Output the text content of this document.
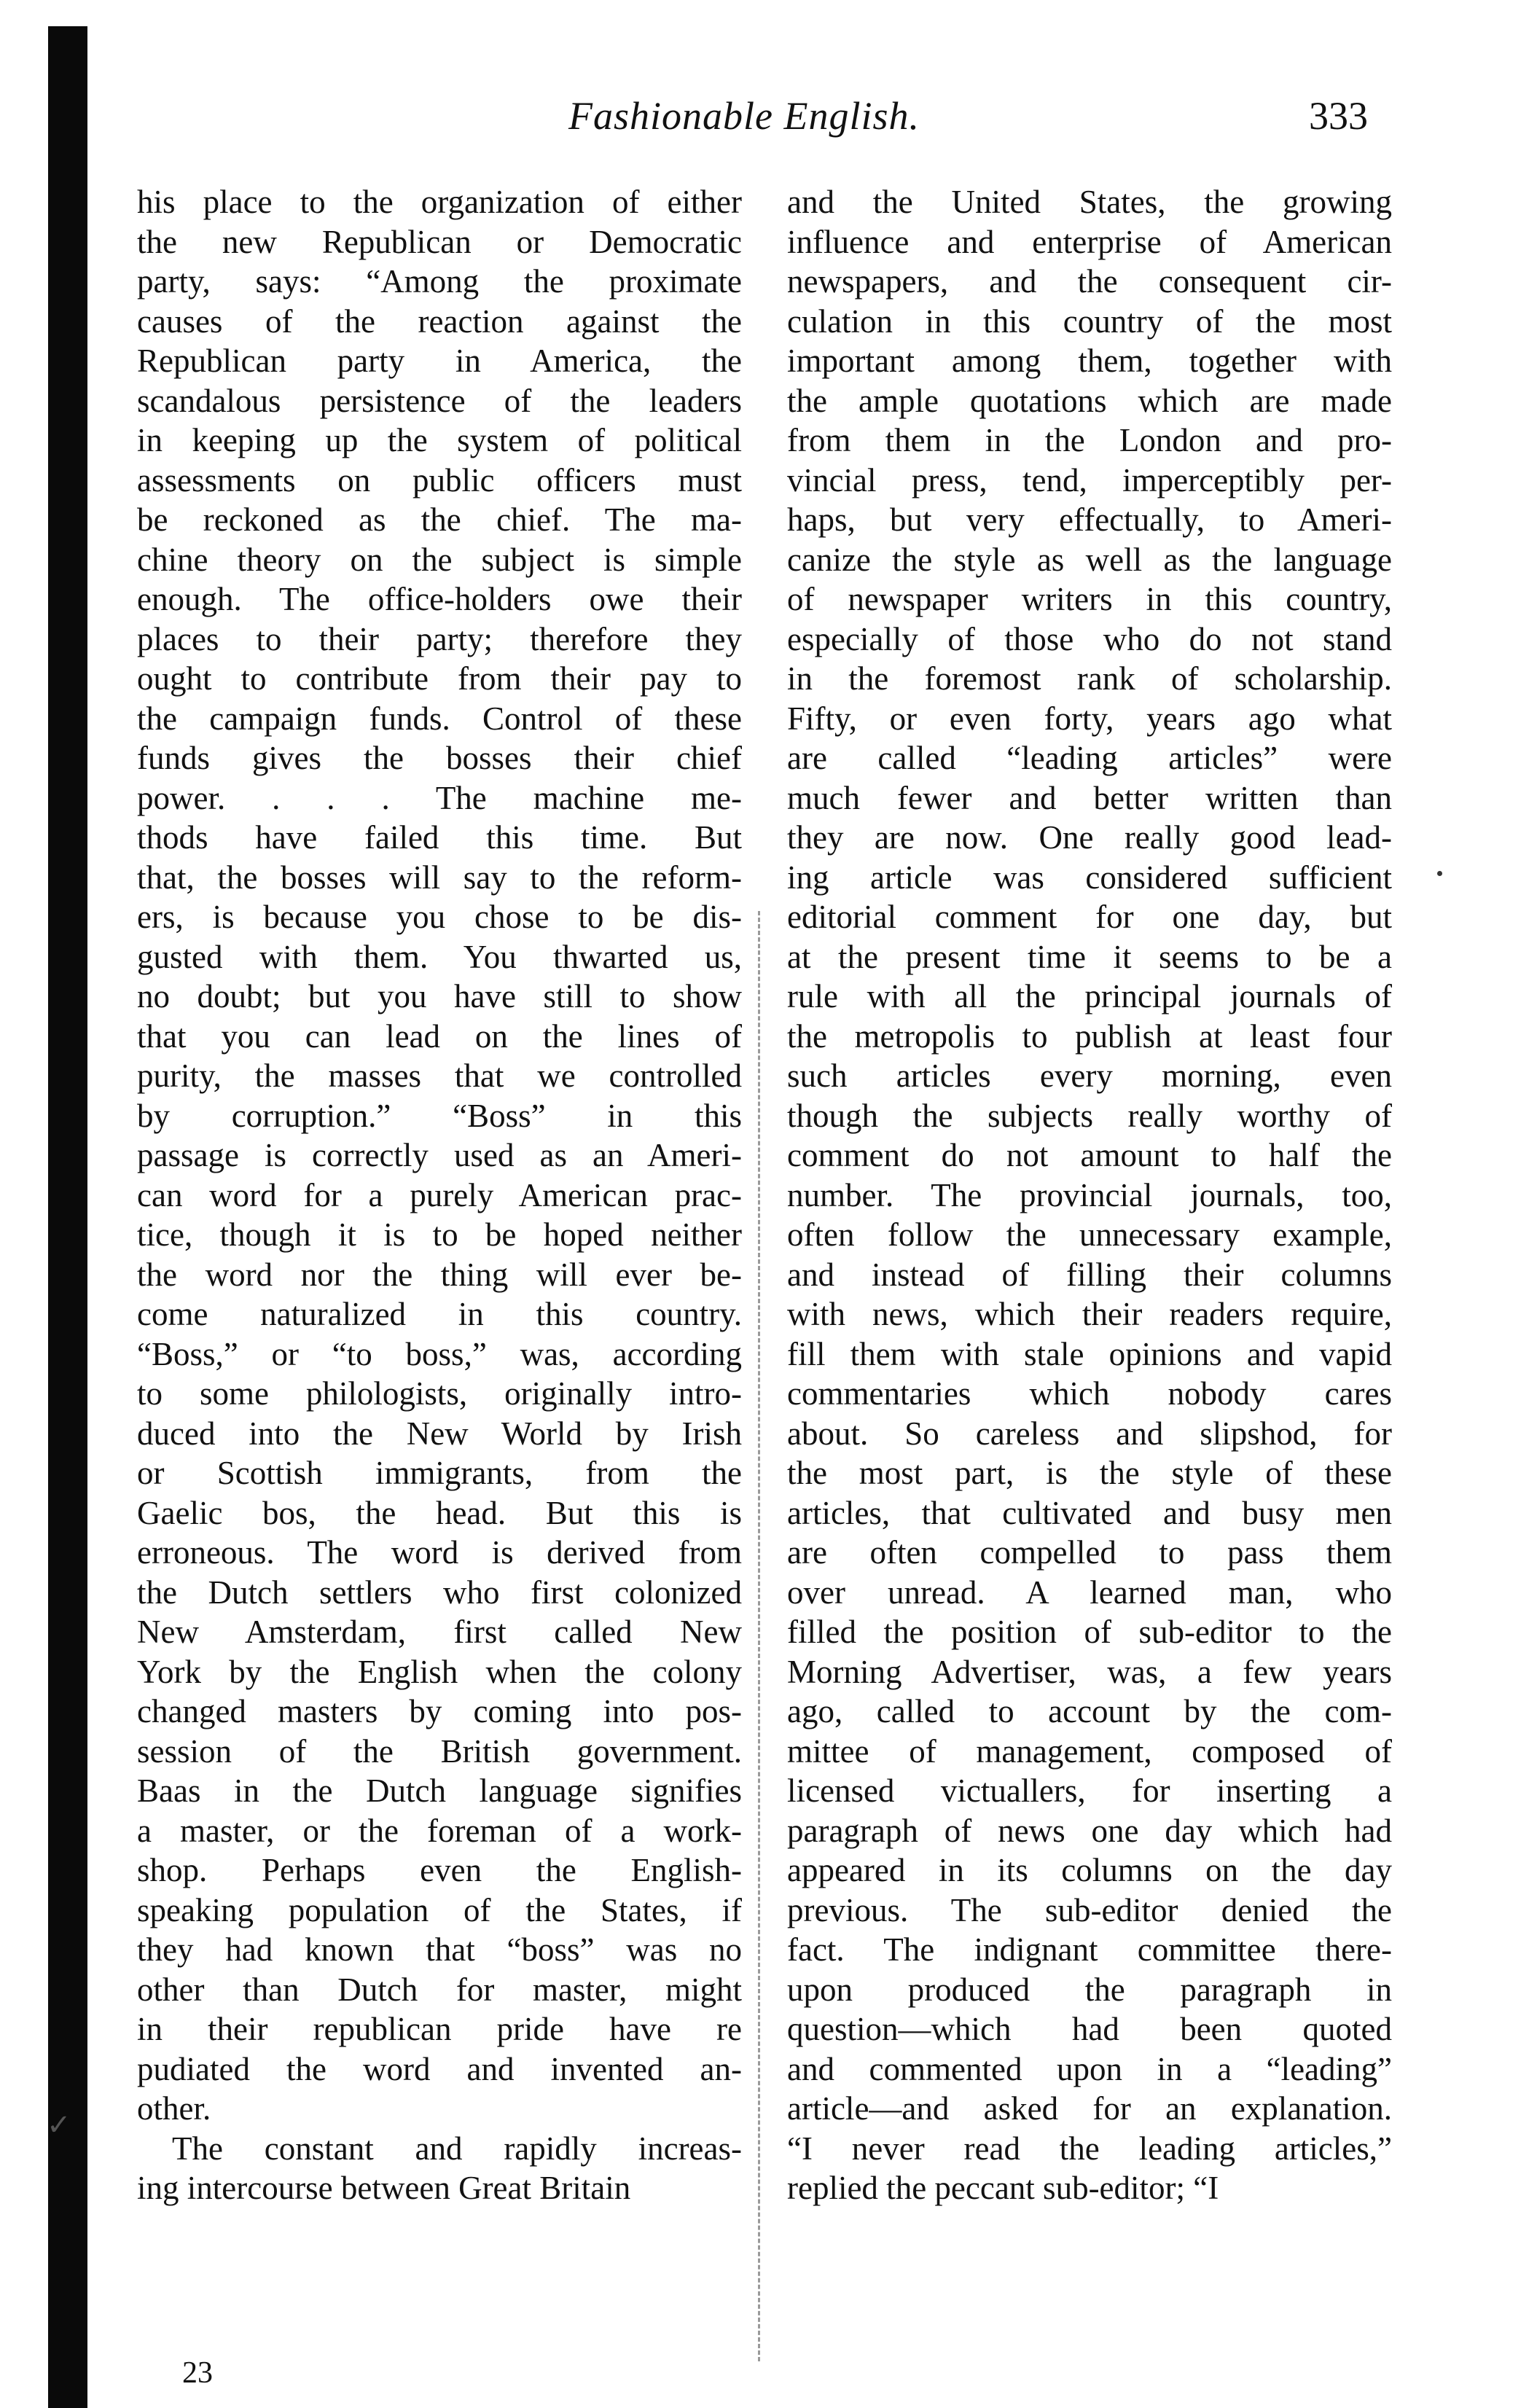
✓
Fashionable English.	333
his place to the organization of either
the new Republican or Democratic
party, says: “Among the proximate
causes of the reaction against the
Republican party in America, the
scandalous persistence of the leaders
in keeping up the system of political
assessments on public officers must
be reckoned as the chief. The ma-
chine theory on the subject is simple
enough. The office-holders owe their
places to their party; therefore they
ought to contribute from their pay to
the campaign funds. Control of these
funds gives the bosses their chief
power. . . . The machine me-
thods have failed this time. But
that, the bosses will say to the reform-
ers, is because you chose to be dis-
gusted with them. You thwarted us,
no doubt; but you have still to show
that you can lead on the lines of
purity, the masses that we controlled
by corruption.” “Boss” in this
passage is correctly used as an Ameri-
can word for a purely American prac-
tice, though it is to be hoped neither
the word nor the thing will ever be-
come naturalized in this country.
“Boss,” or “to boss,” was, according
to some philologists, originally intro-
duced into the New World by Irish
or Scottish immigrants, from the
Gaelic bos, the head. But this is
erroneous. The word is derived from
the Dutch settlers who first colonized
New Amsterdam, first called New
York by the English when the colony
changed masters by coming into pos-
session of the British government.
Baas in the Dutch language signifies
a master, or the foreman of a work-
shop. Perhaps even the English-
speaking population of the States, if
they had known that “boss” was no
other than Dutch for master, might
in their republican pride have re
pudiated the word and invented an-
other.
The constant and rapidly increas-
ing intercourse between Great Britain
and the United States, the growing
influence and enterprise of American
newspapers, and the consequent cir-
culation in this country of the most
important among them, together with
the ample quotations which are made
from them in the London and pro-
vincial press, tend, imperceptibly per-
haps, but very effectually, to Ameri-
canize the style as well as the language
of newspaper writers in this country,
especially of those who do not stand
in the foremost rank of scholarship.
Fifty, or even forty, years ago what
are called “leading articles” were
much fewer and better written than
they are now. One really good lead-
ing article was considered sufficient
editorial comment for one day, but
at the present time it seems to be a
rule with all the principal journals of
the metropolis to publish at least four
such articles every morning, even
though the subjects really worthy of
comment do not amount to half the
number. The provincial journals, too,
often follow the unnecessary example,
and instead of filling their columns
with news, which their readers require,
fill them with stale opinions and vapid
commentaries which nobody cares
about. So careless and slipshod, for
the most part, is the style of these
articles, that cultivated and busy men
are often compelled to pass them
over unread. A learned man, who
filled the position of sub-editor to the
Morning Advertiser, was, a few years
ago, called to account by the com-
mittee of management, composed of
licensed victuallers, for inserting a
paragraph of news one day which had
appeared in its columns on the day
previous. The sub-editor denied the
fact. The indignant committee there-
upon produced the paragraph in
question—which had been quoted
and commented upon in a “leading”
article—and asked for an explanation.
“I never read the leading articles,”
replied the peccant sub-editor; “I
23
